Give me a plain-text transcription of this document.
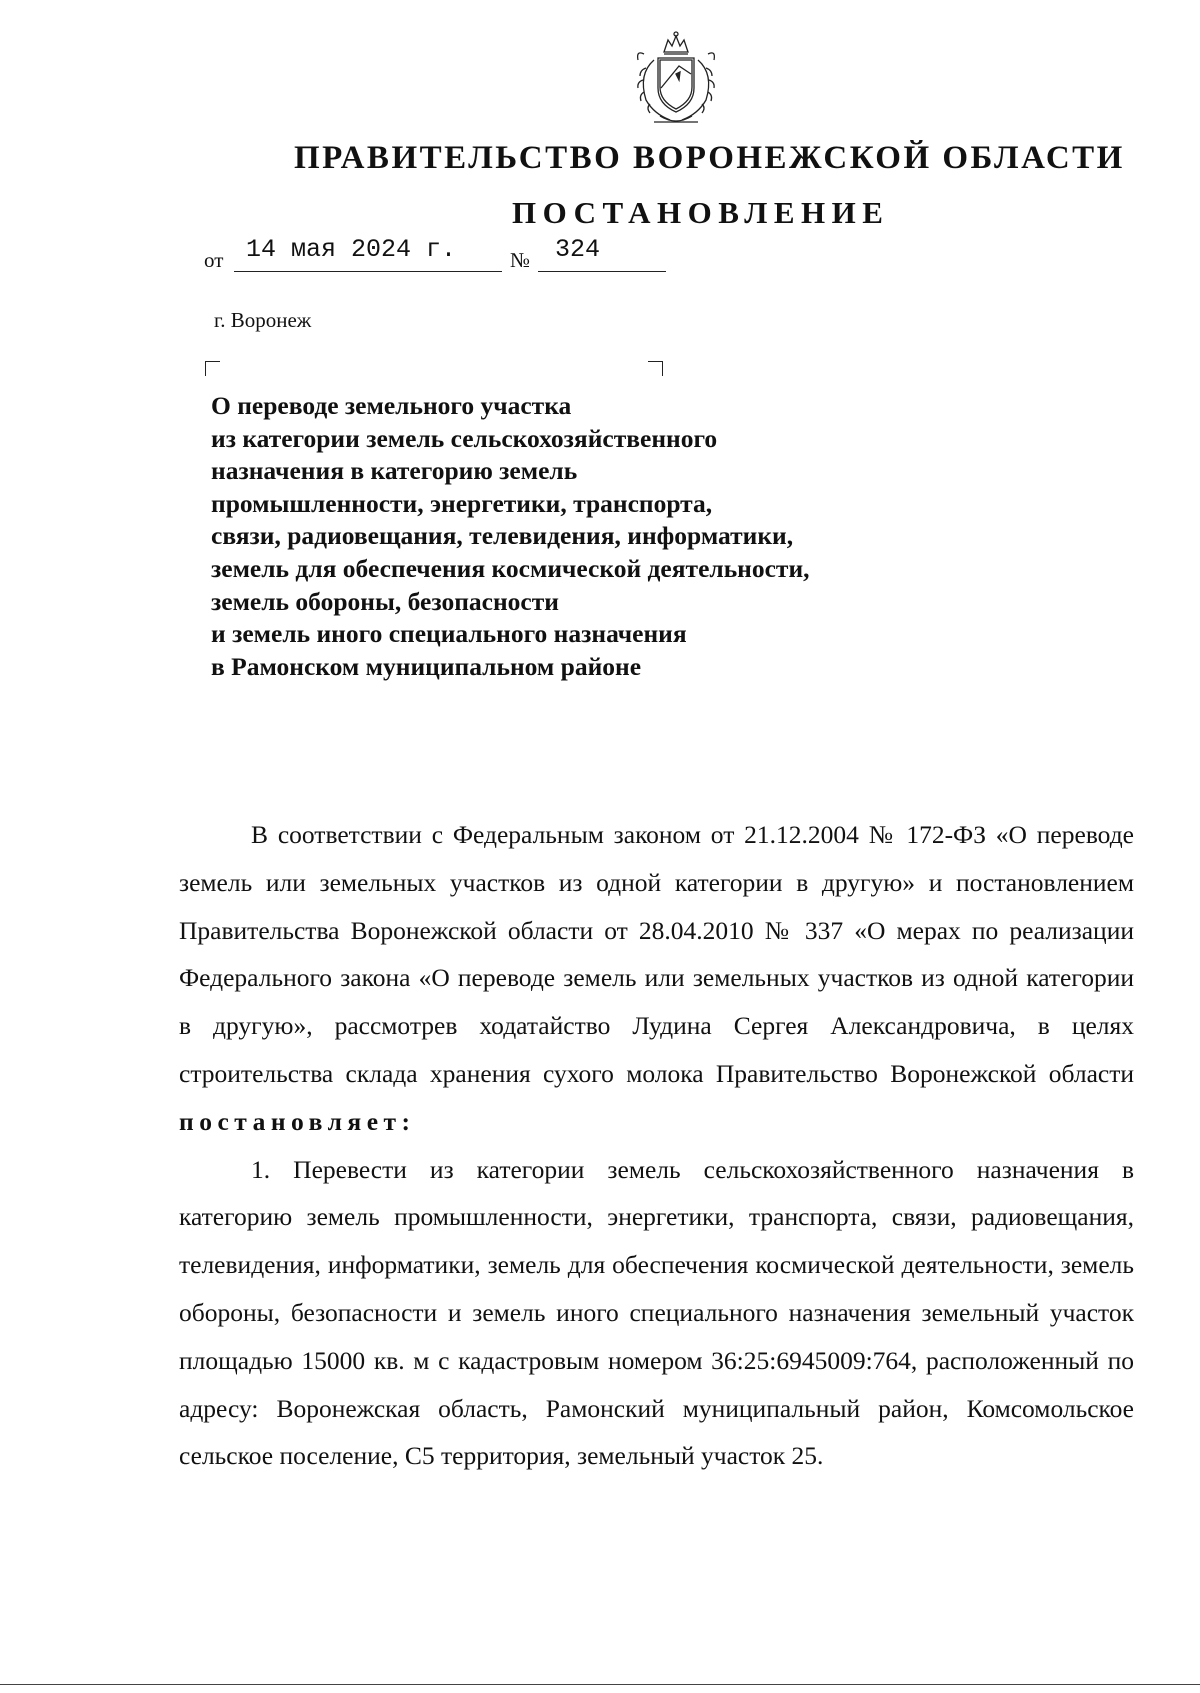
ПРАВИТЕЛЬСТВО ВОРОНЕЖСКОЙ ОБЛАСТИ
ПОСТАНОВЛЕНИЕ
от 14 мая 2024 г.	№ 324
г. Воронеж
О переводе земельного участка
из категории земель сельскохозяйственного
назначения в категорию земель
промышленности, энергетики, транспорта,
связи, радиовещания, телевидения, информатики,
земель для обеспечения космической деятельности,
земель обороны, безопасности
и земель иного специального назначения
в Рамонском муниципальном районе

В соответствии с Федеральным законом от 21.12.2004 № 172-ФЗ «О переводе земель или земельных участков из одной категории в другую» и постановлением Правительства Воронежской области от 28.04.2010 № 337 «О мерах по реализации Федерального закона «О переводе земель или земельных участков из одной категории в другую», рассмотрев ходатайство Лудина Сергея Александровича, в целях строительства склада хранения сухого молока Правительство Воронежской области постановляет:

1. Перевести из категории земель сельскохозяйственного назначения в категорию земель промышленности, энергетики, транспорта, связи, радиовещания, телевидения, информатики, земель для обеспечения космической деятельности, земель обороны, безопасности и земель иного специального назначения земельный участок площадью 15000 кв. м с кадастровым номером 36:25:6945009:764, расположенный по адресу: Воронежская область, Рамонский муниципальный район, Комсомольское сельское поселение, С5 территория, земельный участок 25.
